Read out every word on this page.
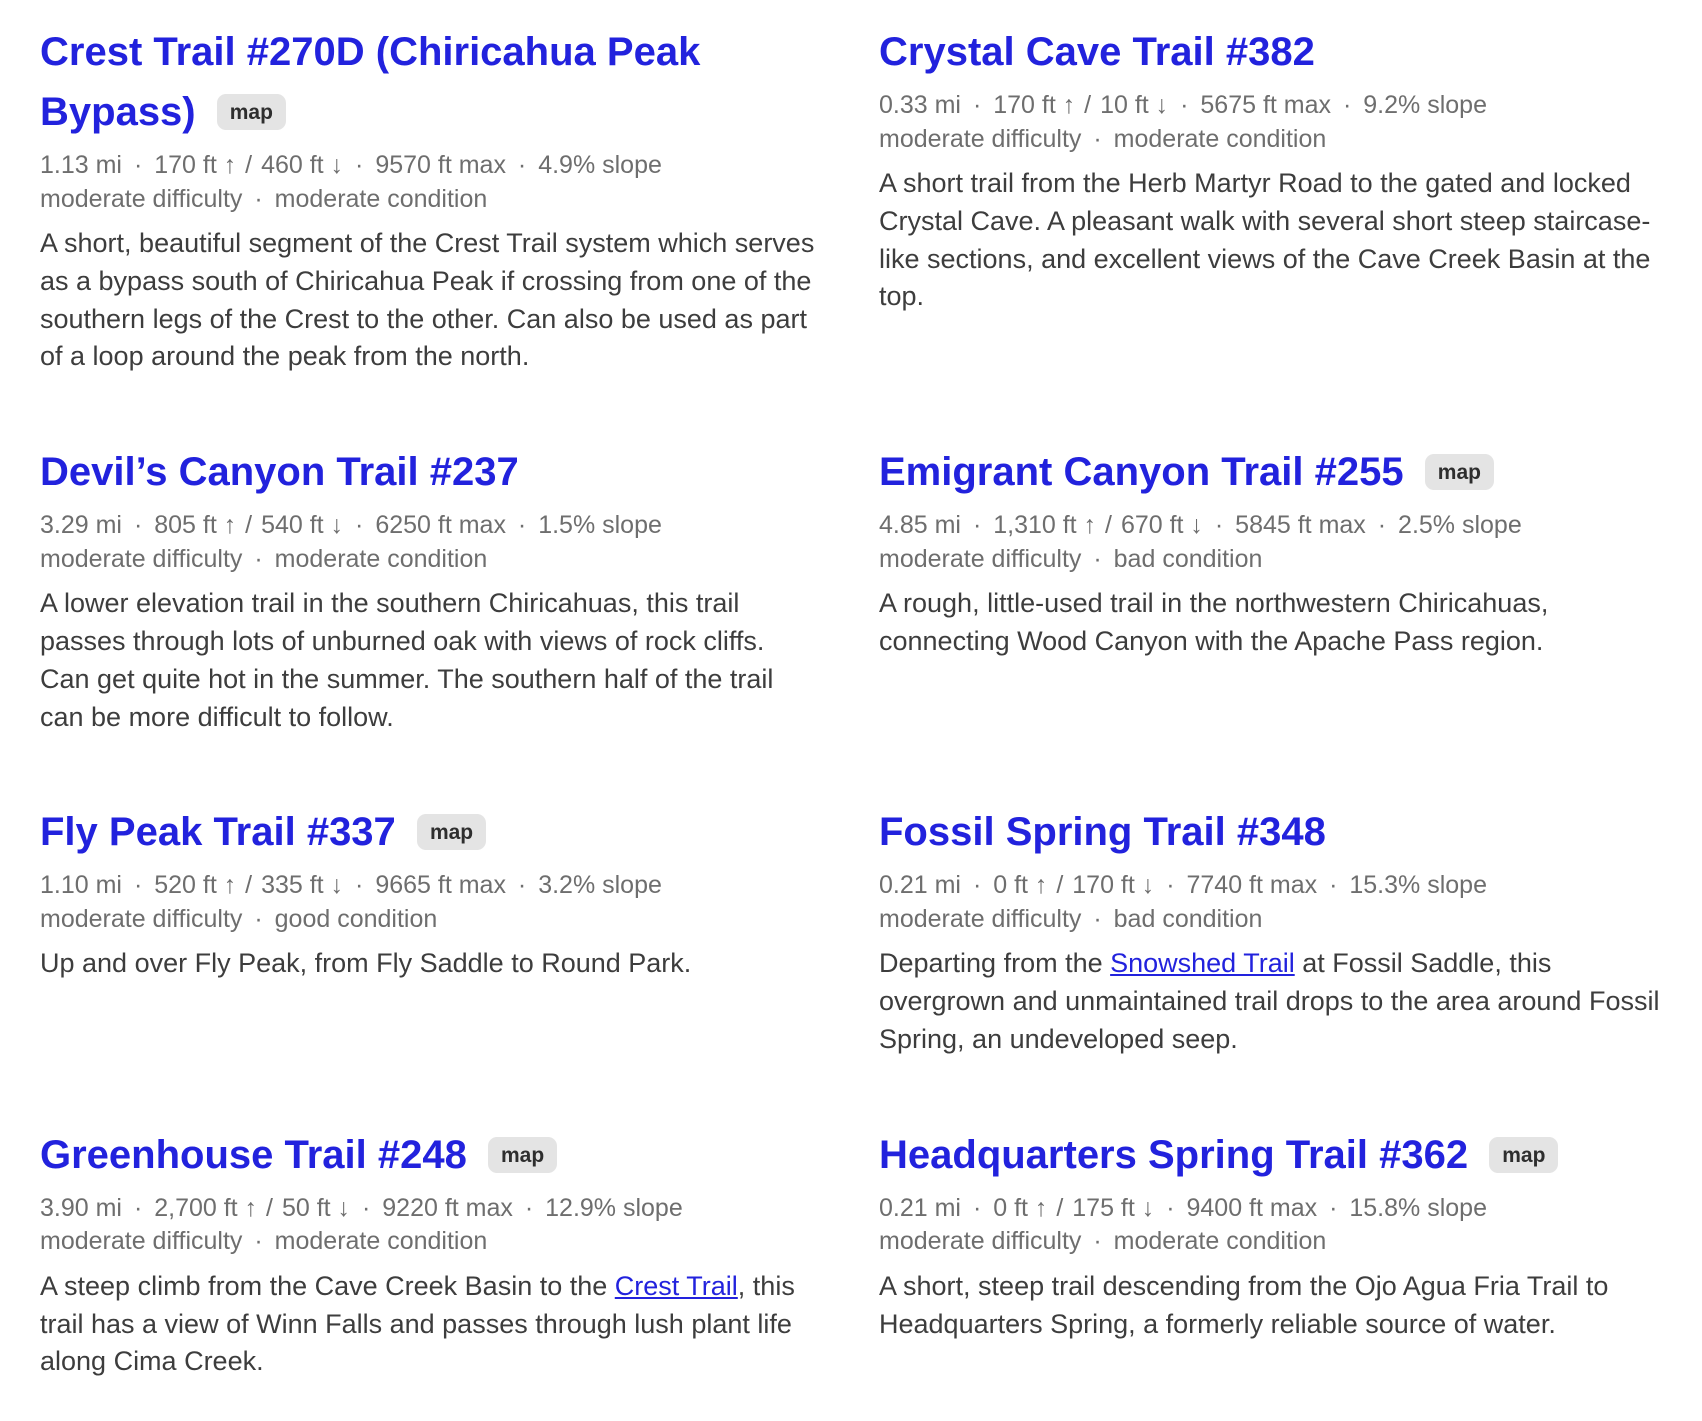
Crest Trail #270D (Chiricahua Peak Bypass) map
1.13 mi · 170 ft ↑ / 460 ft ↓ · 9570 ft max · 4.9% slope
moderate difficulty · moderate condition

A short, beautiful segment of the Crest Trail system which serves as a bypass south of Chiricahua Peak if crossing from one of the southern legs of the Crest to the other. Can also be used as part of a loop around the peak from the north.

Crystal Cave Trail #382
0.33 mi · 170 ft ↑ / 10 ft ↓ · 5675 ft max · 9.2% slope
moderate difficulty · moderate condition

A short trail from the Herb Martyr Road to the gated and locked Crystal Cave. A pleasant walk with several short steep staircase-like sections, and excellent views of the Cave Creek Basin at the top.

Devil’s Canyon Trail #237
3.29 mi · 805 ft ↑ / 540 ft ↓ · 6250 ft max · 1.5% slope
moderate difficulty · moderate condition

A lower elevation trail in the southern Chiricahuas, this trail passes through lots of unburned oak with views of rock cliffs. Can get quite hot in the summer. The southern half of the trail can be more difficult to follow.

Emigrant Canyon Trail #255 map
4.85 mi · 1,310 ft ↑ / 670 ft ↓ · 5845 ft max · 2.5% slope
moderate difficulty · bad condition

A rough, little-used trail in the northwestern Chiricahuas, connecting Wood Canyon with the Apache Pass region.

Fly Peak Trail #337 map
1.10 mi · 520 ft ↑ / 335 ft ↓ · 9665 ft max · 3.2% slope
moderate difficulty · good condition

Up and over Fly Peak, from Fly Saddle to Round Park.

Fossil Spring Trail #348
0.21 mi · 0 ft ↑ / 170 ft ↓ · 7740 ft max · 15.3% slope
moderate difficulty · bad condition

Departing from the Snowshed Trail at Fossil Saddle, this overgrown and unmaintained trail drops to the area around Fossil Spring, an undeveloped seep.

Greenhouse Trail #248 map
3.90 mi · 2,700 ft ↑ / 50 ft ↓ · 9220 ft max · 12.9% slope
moderate difficulty · moderate condition

A steep climb from the Cave Creek Basin to the Crest Trail, this trail has a view of Winn Falls and passes through lush plant life along Cima Creek.

Headquarters Spring Trail #362 map
0.21 mi · 0 ft ↑ / 175 ft ↓ · 9400 ft max · 15.8% slope
moderate difficulty · moderate condition

A short, steep trail descending from the Ojo Agua Fria Trail to Headquarters Spring, a formerly reliable source of water.
